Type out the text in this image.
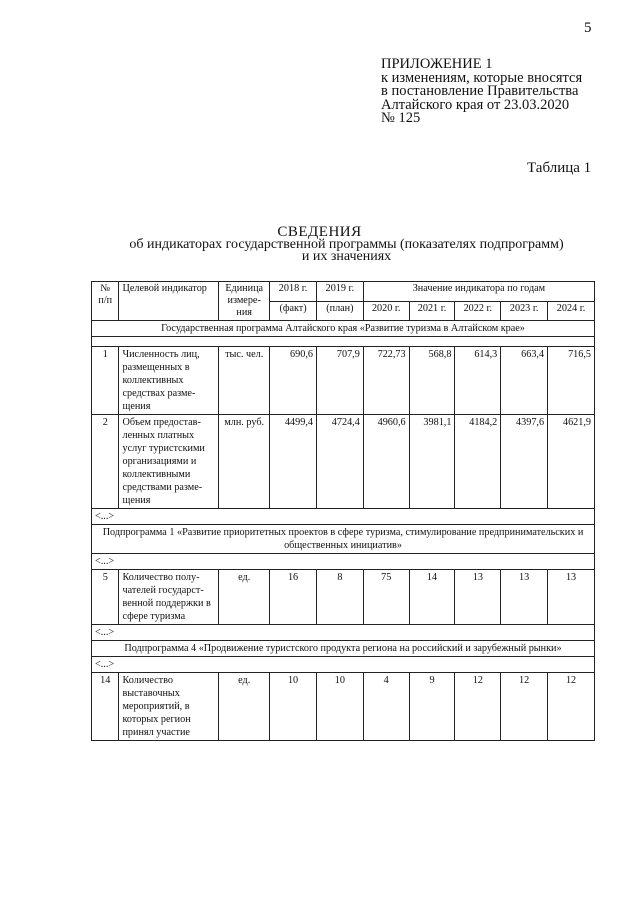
5
ПРИЛОЖЕНИЕ 1
к изменениям, которые вносятся
в постановление Правительства
Алтайского края от 23.03.2020
№ 125
Таблица 1
СВЕДЕНИЯ
об индикаторах государственной программы (показателях подпрограмм)
и их значениях
№ п/п	Целевой индикатор	Единица измере-ния	2018 г.	2019 г.	Значение индикатора по годам				
			(факт)	(план)	2020 г.	2021 г.	2022 г.	2023 г.	2024 г.
Государственная программа Алтайского края «Развитие туризма в Алтайском крае»									

1	Численность лиц, размещенных в коллективных средствах разме-щения	тыс. чел.	690,6	707,9	722,73	568,8	614,3	663,4	716,5
2	Объем предостав-ленных платных услуг туристскими организациями и коллективными средствами разме-щения	млн. руб.	4499,4	4724,4	4960,6	3981,1	4184,2	4397,6	4621,9
<...>									
Подпрограмма 1 «Развитие приоритетных проектов в сфере туризма, стимулирование предпринимательских и общественных инициатив»									
<...>									
5	Количество полу-чателей государст-венной поддержки в сфере туризма	ед.	16	8	75	14	13	13	13
<...>									
Подпрограмма 4 «Продвижение туристского продукта региона на российский и зарубежный рынки»									
<...>									
14	Количество выставочных мероприятий, в которых регион принял участие	ед.	10	10	4	9	12	12	12
